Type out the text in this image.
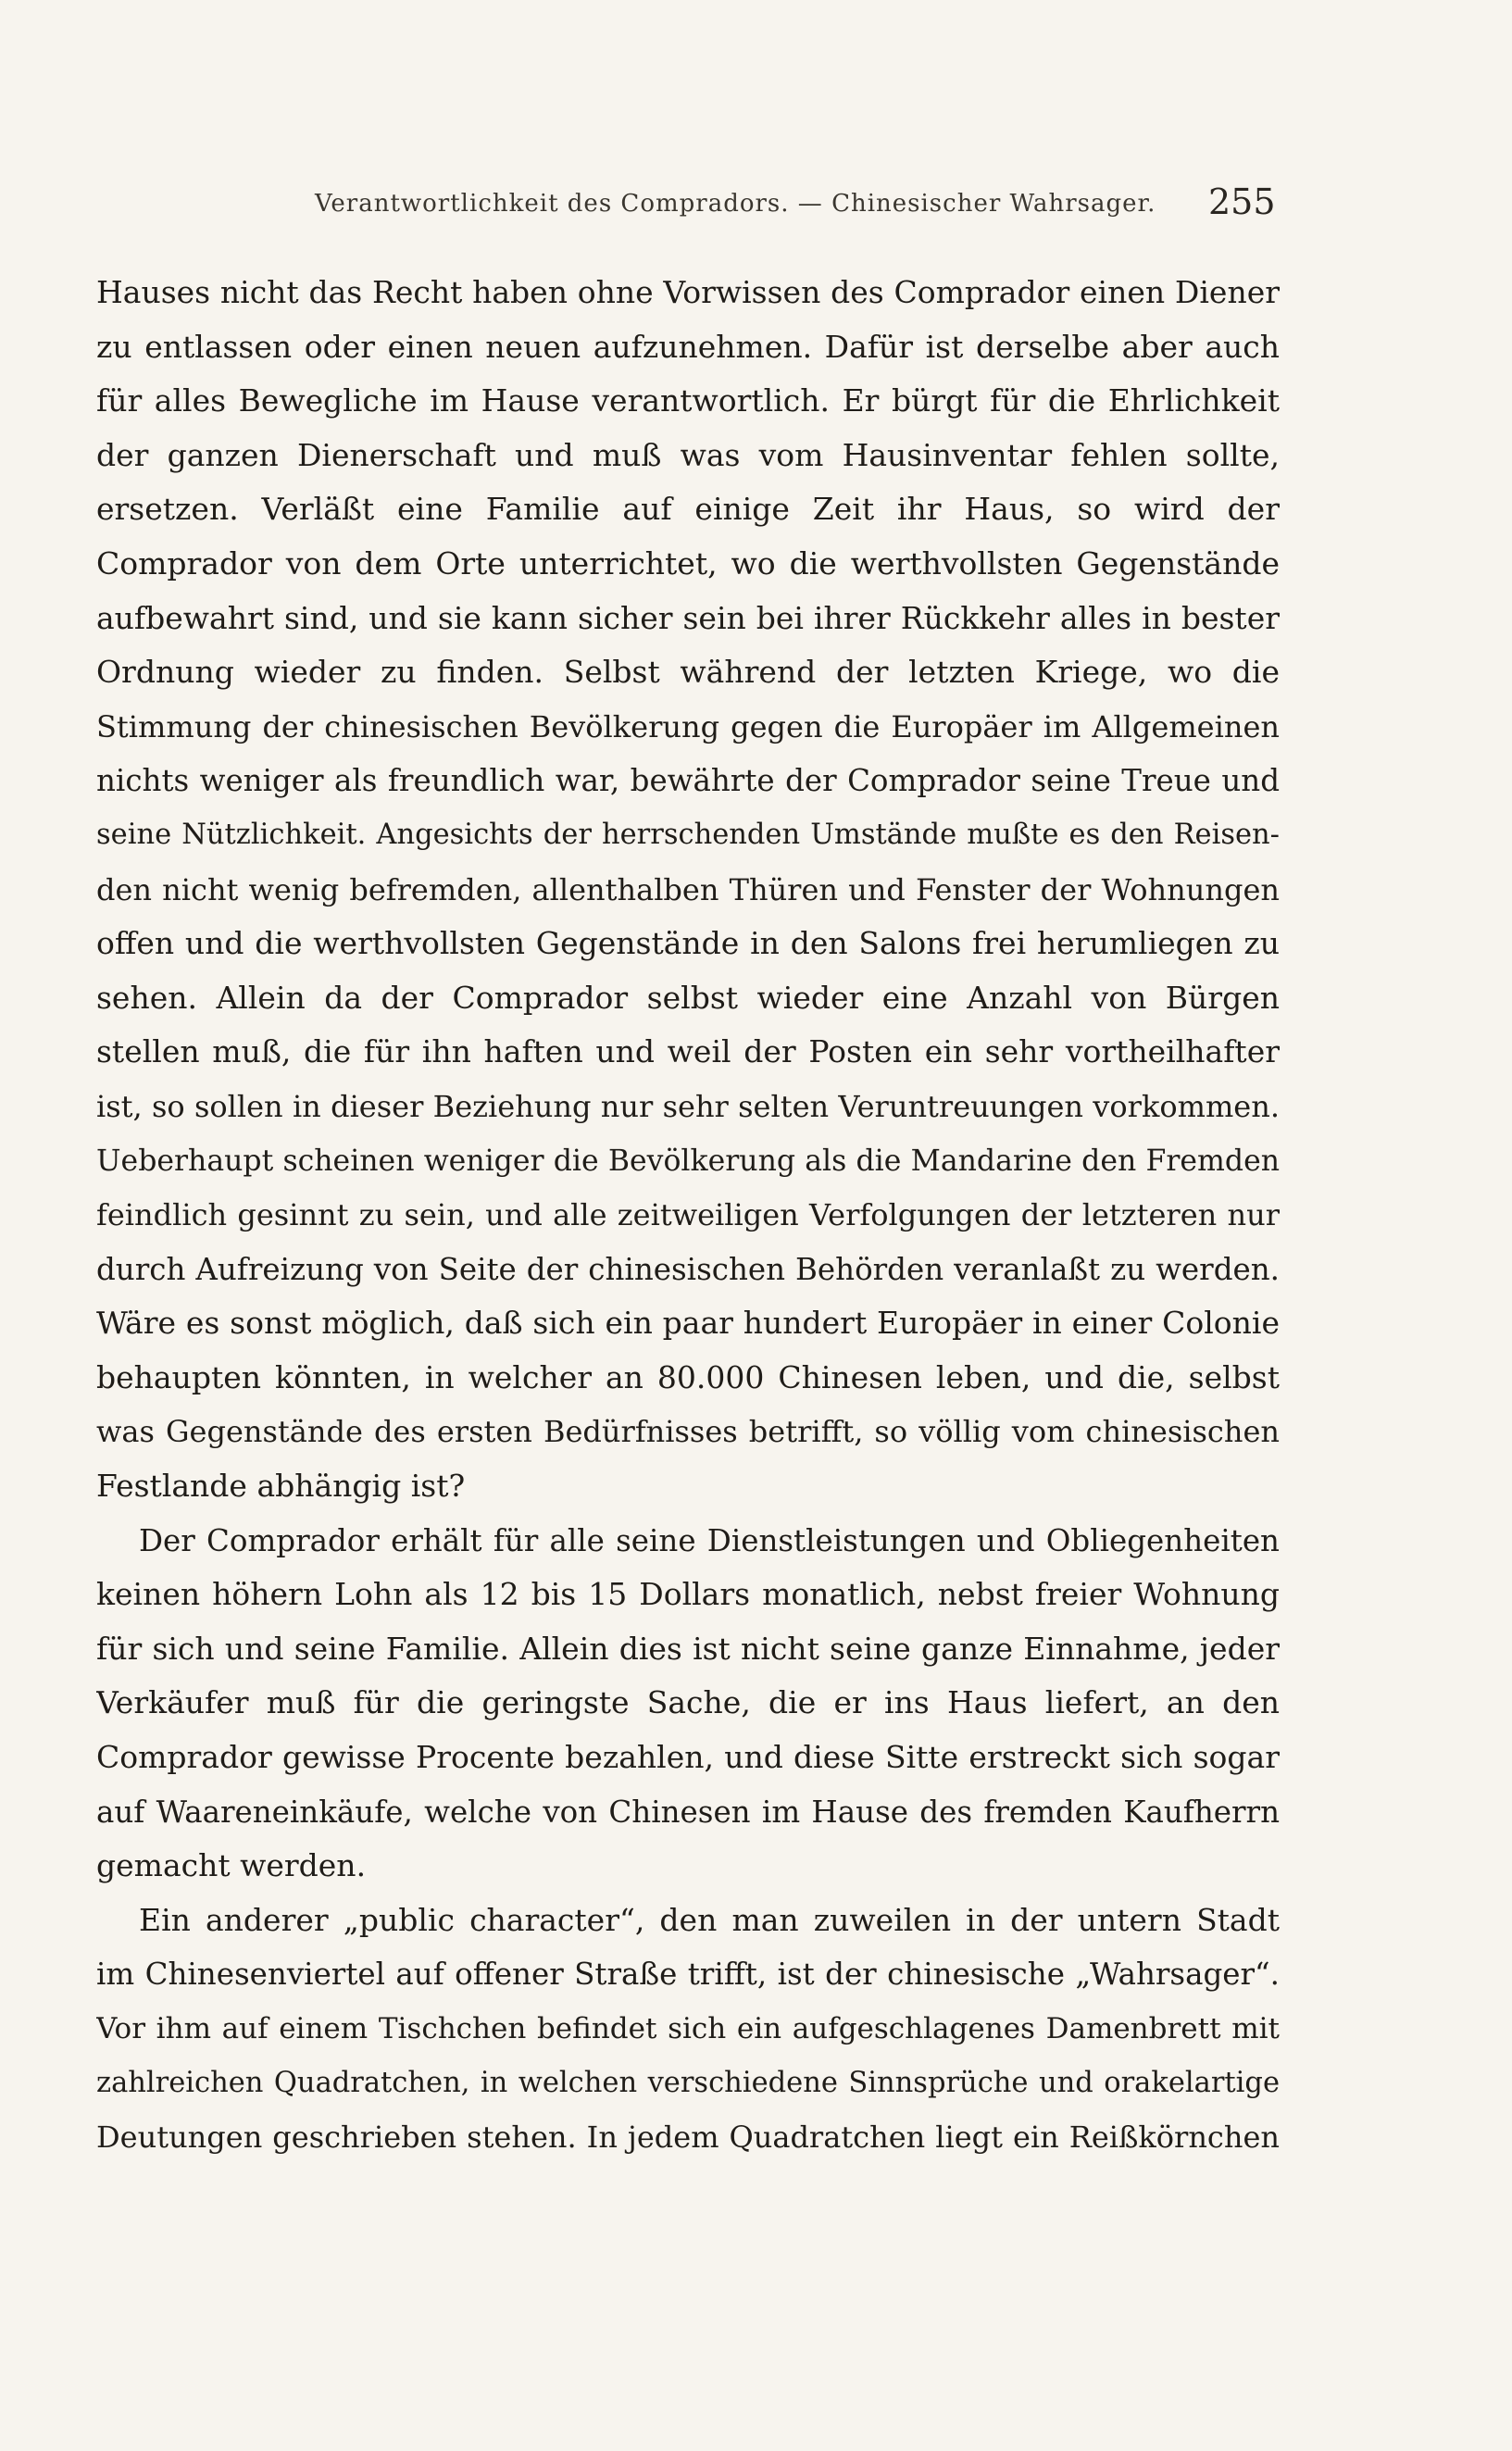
Verantwortlichkeit des Compradors. — Chinesischer Wahrsager. 255
Hauses nicht das Recht haben ohne Vorwissen des Comprador einen Diener
zu entlassen oder einen neuen aufzunehmen. Dafür ist derselbe aber auch
für alles Bewegliche im Hause verantwortlich. Er bürgt für die Ehrlichkeit
der ganzen Dienerschaft und muß was vom Hausinventar fehlen sollte,
ersetzen. Verläßt eine Familie auf einige Zeit ihr Haus, so wird der
Comprador von dem Orte unterrichtet, wo die werthvollsten Gegenstände
aufbewahrt sind, und sie kann sicher sein bei ihrer Rückkehr alles in bester
Ordnung wieder zu finden. Selbst während der letzten Kriege, wo die
Stimmung der chinesischen Bevölkerung gegen die Europäer im Allgemeinen
nichts weniger als freundlich war, bewährte der Comprador seine Treue und
seine Nützlichkeit. Angesichts der herrschenden Umstände mußte es den Reisen-
den nicht wenig befremden, allenthalben Thüren und Fenster der Wohnungen
offen und die werthvollsten Gegenstände in den Salons frei herumliegen zu
sehen. Allein da der Comprador selbst wieder eine Anzahl von Bürgen
stellen muß, die für ihn haften und weil der Posten ein sehr vortheilhafter
ist, so sollen in dieser Beziehung nur sehr selten Veruntreuungen vorkommen.
Ueberhaupt scheinen weniger die Bevölkerung als die Mandarine den Fremden
feindlich gesinnt zu sein, und alle zeitweiligen Verfolgungen der letzteren nur
durch Aufreizung von Seite der chinesischen Behörden veranlaßt zu werden.
Wäre es sonst möglich, daß sich ein paar hundert Europäer in einer Colonie
behaupten könnten, in welcher an 80.000 Chinesen leben, und die, selbst
was Gegenstände des ersten Bedürfnisses betrifft, so völlig vom chinesischen
Festlande abhängig ist?
Der Comprador erhält für alle seine Dienstleistungen und Obliegenheiten
keinen höhern Lohn als 12 bis 15 Dollars monatlich, nebst freier Wohnung
für sich und seine Familie. Allein dies ist nicht seine ganze Einnahme, jeder
Verkäufer muß für die geringste Sache, die er ins Haus liefert, an den
Comprador gewisse Procente bezahlen, und diese Sitte erstreckt sich sogar
auf Waareneinkäufe, welche von Chinesen im Hause des fremden Kaufherrn
gemacht werden.
Ein anderer „public character“, den man zuweilen in der untern Stadt
im Chinesenviertel auf offener Straße trifft, ist der chinesische „Wahrsager“.
Vor ihm auf einem Tischchen befindet sich ein aufgeschlagenes Damenbrett mit
zahlreichen Quadratchen, in welchen verschiedene Sinnsprüche und orakelartige
Deutungen geschrieben stehen. In jedem Quadratchen liegt ein Reißkörnchen
